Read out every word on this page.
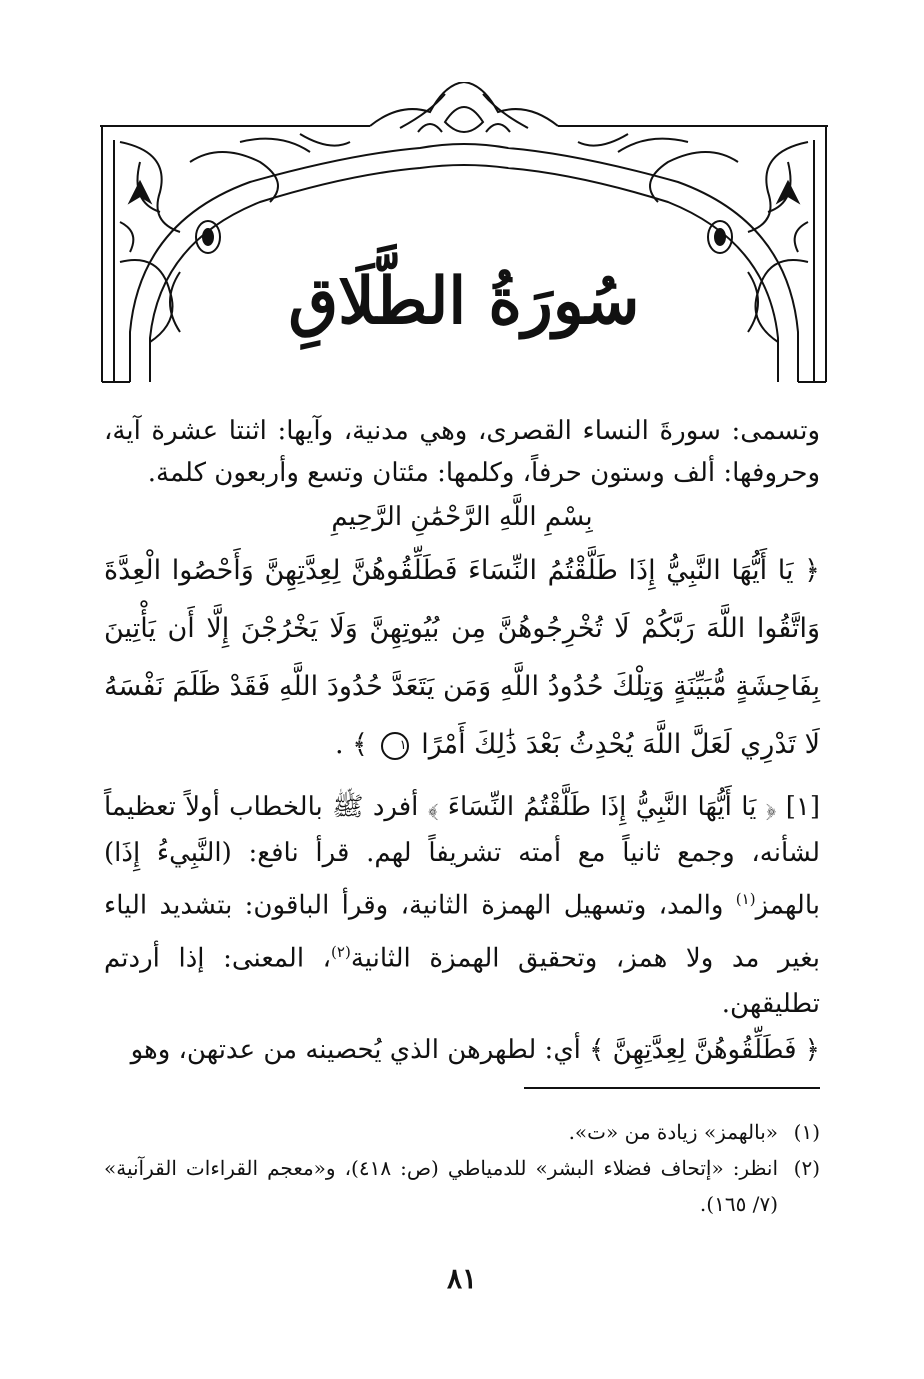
سُورَةُ الطَّلَاقِ

وتسمى: سورةَ النساء القصرى، وهي مدنية، وآيها: اثنتا عشرة آية، وحروفها: ألف وستون حرفاً، وكلمها: مئتان وتسع وأربعون كلمة.

بِسْمِ اللَّهِ الرَّحْمَٰنِ الرَّحِيمِ

﴿ يَا أَيُّهَا النَّبِيُّ إِذَا طَلَّقْتُمُ النِّسَاءَ فَطَلِّقُوهُنَّ لِعِدَّتِهِنَّ وَأَحْصُوا الْعِدَّةَ وَاتَّقُوا اللَّهَ رَبَّكُمْ لَا تُخْرِجُوهُنَّ مِن بُيُوتِهِنَّ وَلَا يَخْرُجْنَ إِلَّا أَن يَأْتِينَ بِفَاحِشَةٍ مُّبَيِّنَةٍ وَتِلْكَ حُدُودُ اللَّهِ وَمَن يَتَعَدَّ حُدُودَ اللَّهِ فَقَدْ ظَلَمَ نَفْسَهُ لَا تَدْرِي لَعَلَّ اللَّهَ يُحْدِثُ بَعْدَ ذَٰلِكَ أَمْرًا ١ ﴾ .

[١] ﴿ يَا أَيُّهَا النَّبِيُّ إِذَا طَلَّقْتُمُ النِّسَاءَ ﴾ أفرد ﷺ بالخطاب أولاً تعظيماً لشأنه، وجمع ثانياً مع أمته تشريفاً لهم. قرأ نافع: (النَّبِيءُ إِذَا) بالهمز$^{(١)}$ والمد، وتسهيل الهمزة الثانية، وقرأ الباقون: بتشديد الياء بغير مد ولا همز، وتحقيق الهمزة الثانية$^{(٢)}$، المعنى: إذا أردتم تطليقهن.

﴿ فَطَلِّقُوهُنَّ لِعِدَّتِهِنَّ ﴾ أي: لطهرهن الذي يُحصينه من عدتهن، وهو

(١)
«بالهمز» زيادة من «ت».
(٢)
انظر: «إتحاف فضلاء البشر» للدمياطي (ص: ٤١٨)، و«معجم القراءات القرآنية» (٧/ ١٦٥).
٨١
